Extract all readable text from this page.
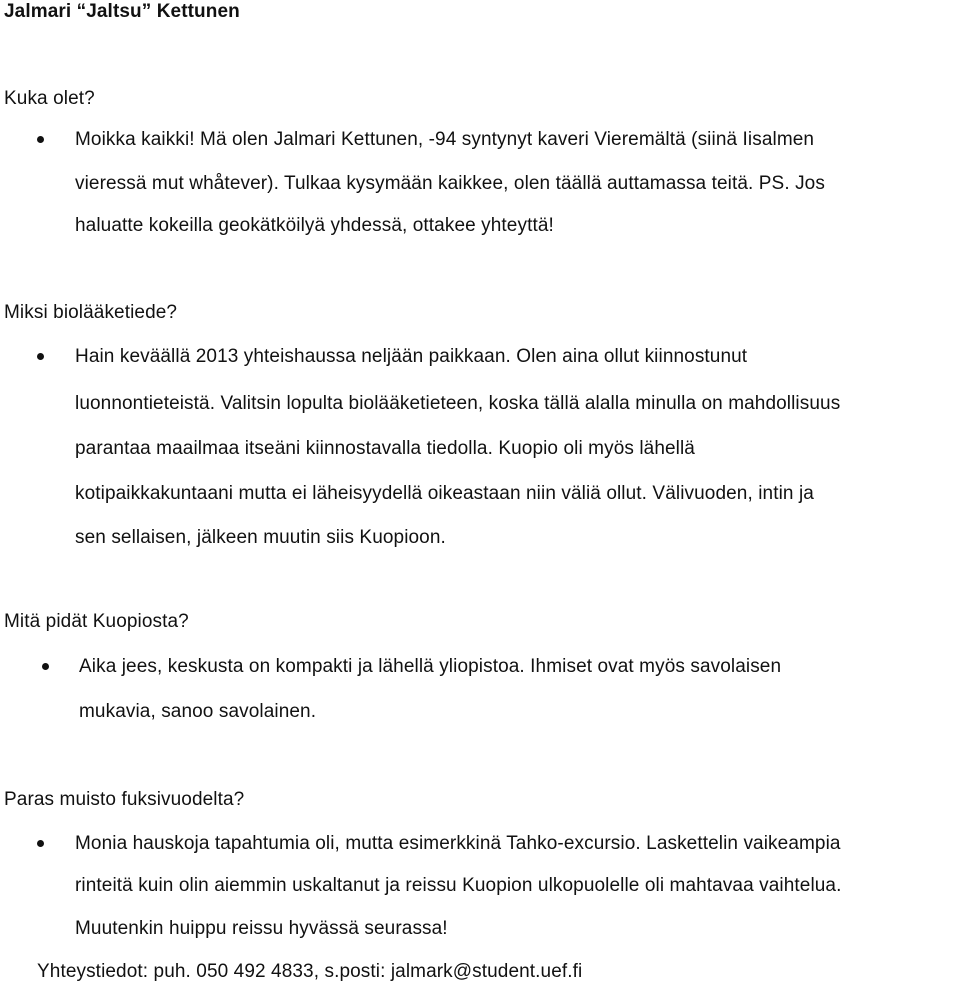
Jalmari “Jaltsu” Kettunen
Kuka olet?
Moikka kaikki! Mä olen Jalmari Kettunen, -94 syntynyt kaveri Vieremältä (siinä Iisalmen
vieressä mut whåtever). Tulkaa kysymään kaikkee, olen täällä auttamassa teitä. PS. Jos
haluatte kokeilla geokätköilyä yhdessä, ottakee yhteyttä!
Miksi biolääketiede?
Hain keväällä 2013 yhteishaussa neljään paikkaan. Olen aina ollut kiinnostunut
luonnontieteistä. Valitsin lopulta biolääketieteen, koska tällä alalla minulla on mahdollisuus
parantaa maailmaa itseäni kiinnostavalla tiedolla. Kuopio oli myös lähellä
kotipaikkakuntaani mutta ei läheisyydellä oikeastaan niin väliä ollut. Välivuoden, intin ja
sen sellaisen, jälkeen muutin siis Kuopioon.
Mitä pidät Kuopiosta?
Aika jees, keskusta on kompakti ja lähellä yliopistoa. Ihmiset ovat myös savolaisen
mukavia, sanoo savolainen.
Paras muisto fuksivuodelta?
Monia hauskoja tapahtumia oli, mutta esimerkkinä Tahko-excursio. Laskettelin vaikeampia
rinteitä kuin olin aiemmin uskaltanut ja reissu Kuopion ulkopuolelle oli mahtavaa vaihtelua.
Muutenkin huippu reissu hyvässä seurassa!
Yhteystiedot: puh. 050 492 4833, s.posti: jalmark@student.uef.fi
